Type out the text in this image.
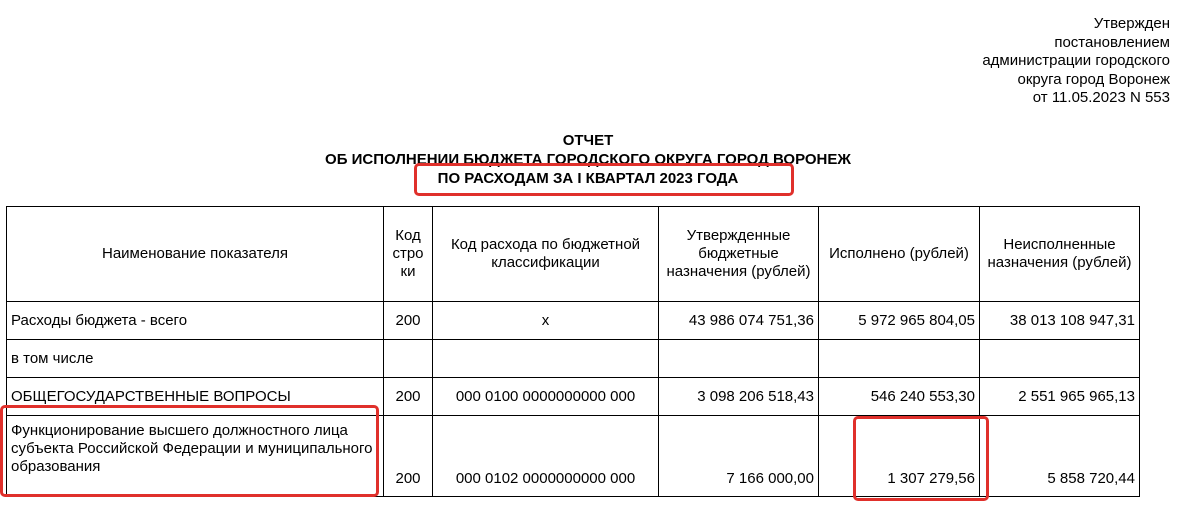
Утвержден
постановлением
администрации городского
округа город Воронеж
от 11.05.2023 N 553
ОТЧЕТ
ОБ ИСПОЛНЕНИИ БЮДЖЕТА ГОРОДСКОГО ОКРУГА ГОРОД ВОРОНЕЖ
ПО РАСХОДАМ ЗА I КВАРТАЛ 2023 ГОДА
Наименование показателя	Код стро ки	Код расхода по бюджетной классификации	Утвержденные бюджетные назначения (рублей)	Исполнено (рублей)	Неисполненные назначения (рублей)
Расходы бюджета - всего	200	x	43 986 074 751,36	5 972 965 804,05	38 013 108 947,31
в том числе					
ОБЩЕГОСУДАРСТВЕННЫЕ ВОПРОСЫ	200	000 0100 0000000000 000	3 098 206 518,43	546 240 553,30	2 551 965 965,13
Функционирование высшего должностного лица субъекта Российской Федерации и муниципального образования	200	000 0102 0000000000 000	7 166 000,00	1 307 279,56	5 858 720,44
